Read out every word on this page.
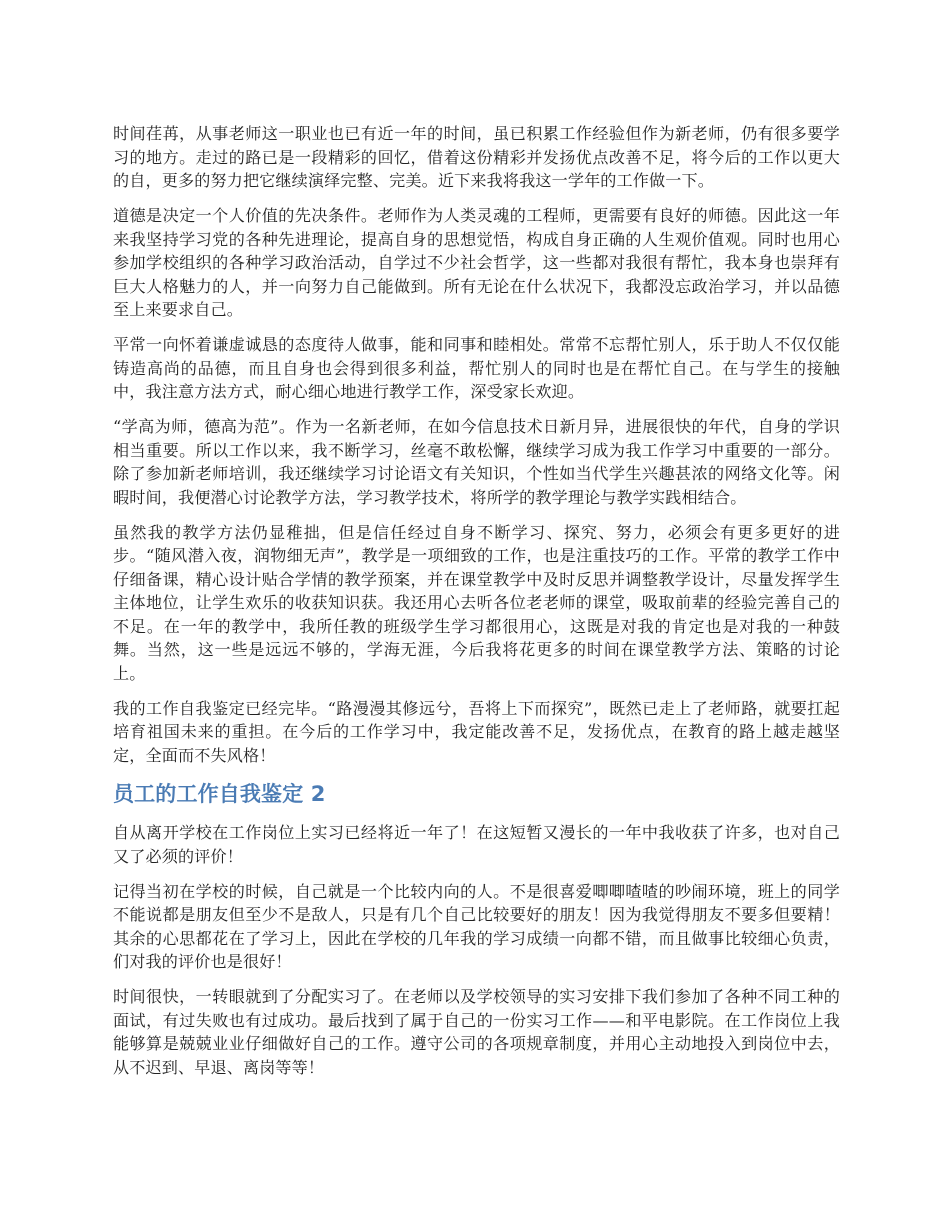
时间荏苒，从事老师这一职业也已有近一年的时间，虽已积累工作经验但作为新老师，仍有很多要学习的地方。走过的路已是一段精彩的回忆，借着这份精彩并发扬优点改善不足，将今后的工作以更大的自，更多的努力把它继续演绎完整、完美。近下来我将我这一学年的工作做一下。

道德是决定一个人价值的先决条件。老师作为人类灵魂的工程师，更需要有良好的师德。因此这一年来我坚持学习党的各种先进理论，提高自身的思想觉悟，构成自身正确的人生观价值观。同时也用心参加学校组织的各种学习政治活动，自学过不少社会哲学，这一些都对我很有帮忙，我本身也崇拜有巨大人格魅力的人，并一向努力自己能做到。所有无论在什么状况下，我都没忘政治学习，并以品德至上来要求自己。

平常一向怀着谦虚诚恳的态度待人做事，能和同事和睦相处。常常不忘帮忙别人，乐于助人不仅仅能铸造高尚的品德，而且自身也会得到很多利益，帮忙别人的同时也是在帮忙自己。在与学生的接触中，我注意方法方式，耐心细心地进行教学工作，深受家长欢迎。

“学高为师，德高为范”。作为一名新老师，在如今信息技术日新月异，进展很快的年代，自身的学识相当重要。所以工作以来，我不断学习，丝毫不敢松懈，继续学习成为我工作学习中重要的一部分。除了参加新老师培训，我还继续学习讨论语文有关知识，个性如当代学生兴趣甚浓的网络文化等。闲暇时间，我便潜心讨论教学方法，学习教学技术，将所学的教学理论与教学实践相结合。

虽然我的教学方法仍显稚拙，但是信任经过自身不断学习、探究、努力，必须会有更多更好的进步。“随风潜入夜，润物细无声”，教学是一项细致的工作，也是注重技巧的工作。平常的教学工作中仔细备课，精心设计贴合学情的教学预案，并在课堂教学中及时反思并调整教学设计，尽量发挥学生主体地位，让学生欢乐的收获知识获。我还用心去听各位老老师的课堂，吸取前辈的经验完善自己的不足。在一年的教学中，我所任教的班级学生学习都很用心，这既是对我的肯定也是对我的一种鼓舞。当然，这一些是远远不够的，学海无涯，今后我将花更多的时间在课堂教学方法、策略的讨论上。

我的工作自我鉴定已经完毕。“路漫漫其修远兮，吾将上下而探究”，既然已走上了老师路，就要扛起培育祖国未来的重担。在今后的工作学习中，我定能改善不足，发扬优点，在教育的路上越走越坚定，全面而不失风格！

员工的工作自我鉴定 2

自从离开学校在工作岗位上实习已经将近一年了！在这短暂又漫长的一年中我收获了许多，也对自己又了必须的评价！

记得当初在学校的时候，自己就是一个比较内向的人。不是很喜爱唧唧喳喳的吵闹环境，班上的同学不能说都是朋友但至少不是敌人，只是有几个自己比较要好的朋友！因为我觉得朋友不要多但要精！其余的心思都花在了学习上，因此在学校的几年我的学习成绩一向都不错，而且做事比较细心负责，们对我的评价也是很好！

时间很快，一转眼就到了分配实习了。在老师以及学校领导的实习安排下我们参加了各种不同工种的面试，有过失败也有过成功。最后找到了属于自己的一份实习工作——和平电影院。在工作岗位上我能够算是兢兢业业仔细做好自己的工作。遵守公司的各项规章制度，并用心主动地投入到岗位中去，从不迟到、早退、离岗等等！
